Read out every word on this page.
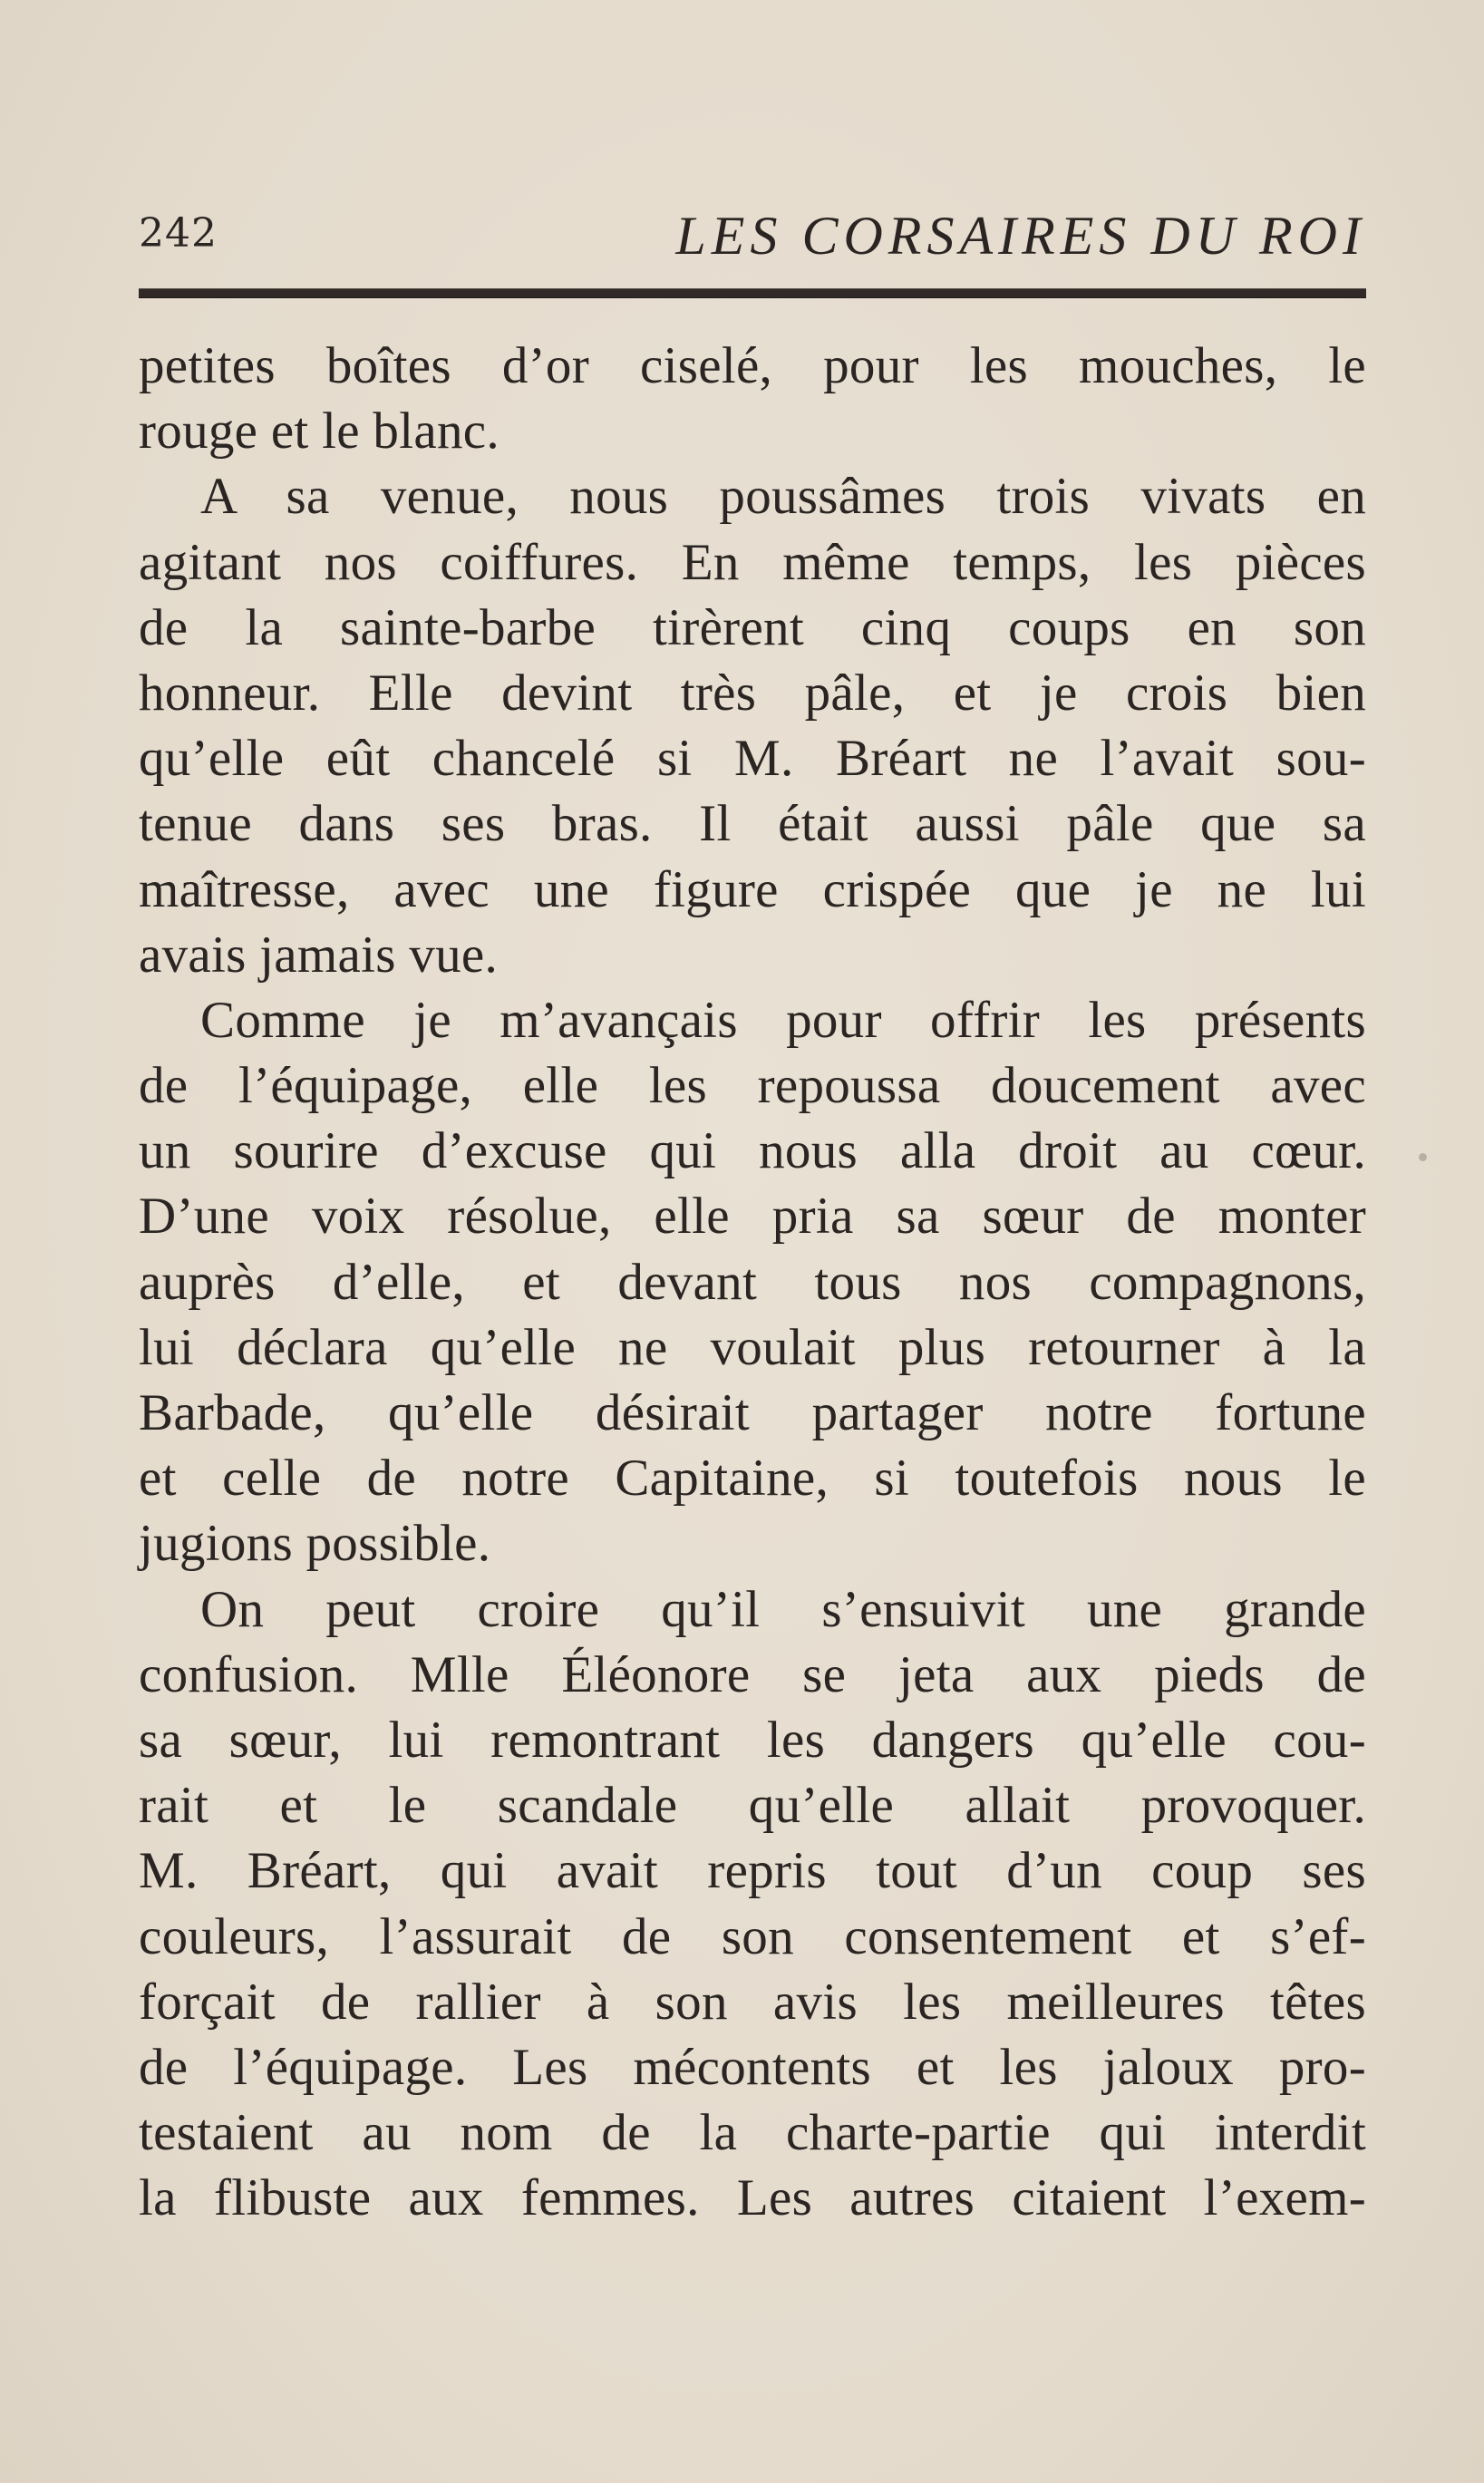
242	LES CORSAIRES DU ROI
petites boîtes d’or ciselé, pour les mouches, le
rouge et le blanc.
A sa venue, nous poussâmes trois vivats en
agitant nos coiffures. En même temps, les pièces
de la sainte-barbe tirèrent cinq coups en son
honneur. Elle devint très pâle, et je crois bien
qu’elle eût chancelé si M. Bréart ne l’avait sou-
tenue dans ses bras. Il était aussi pâle que sa
maîtresse, avec une figure crispée que je ne lui
avais jamais vue.
Comme je m’avançais pour offrir les présents
de l’équipage, elle les repoussa doucement avec
un sourire d’excuse qui nous alla droit au cœur.
D’une voix résolue, elle pria sa sœur de monter
auprès d’elle, et devant tous nos compagnons,
lui déclara qu’elle ne voulait plus retourner à la
Barbade, qu’elle désirait partager notre fortune
et celle de notre Capitaine, si toutefois nous le
jugions possible.
On peut croire qu’il s’ensuivit une grande
confusion. Mlle Éléonore se jeta aux pieds de
sa sœur, lui remontrant les dangers qu’elle cou-
rait et le scandale qu’elle allait provoquer.
M. Bréart, qui avait repris tout d’un coup ses
couleurs, l’assurait de son consentement et s’ef-
forçait de rallier à son avis les meilleures têtes
de l’équipage. Les mécontents et les jaloux pro-
testaient au nom de la charte-partie qui interdit
la flibuste aux femmes. Les autres citaient l’exem-
